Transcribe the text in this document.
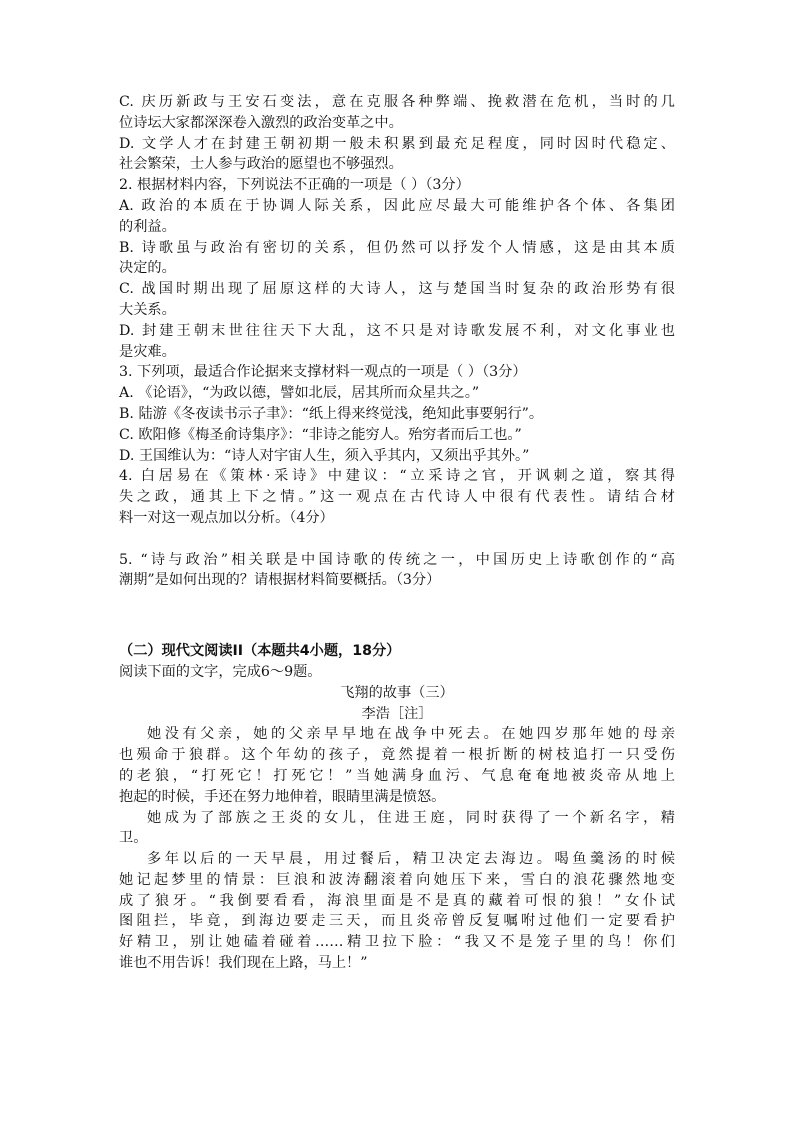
C. 庆历新政与王安石变法，意在克服各种弊端、挽救潜在危机，当时的几
位诗坛大家都深深卷入激烈的政治变革之中。
D. 文学人才在封建王朝初期一般未积累到最充足程度，同时因时代稳定、
社会繁荣，士人参与政治的愿望也不够强烈。
2. 根据材料内容，下列说法不正确的一项是（ ）（3分）
A. 政治的本质在于协调人际关系，因此应尽最大可能维护各个体、各集团
的利益。
B. 诗歌虽与政治有密切的关系，但仍然可以抒发个人情感，这是由其本质
决定的。
C. 战国时期出现了屈原这样的大诗人，这与楚国当时复杂的政治形势有很
大关系。
D. 封建王朝末世往往天下大乱，这不只是对诗歌发展不利，对文化事业也
是灾难。
3. 下列项，最适合作论据来支撑材料一观点的一项是（ ）（3分）
A. 《论语》，“为政以德，譬如北辰，居其所而众星共之。”
B. 陆游《冬夜读书示子聿》：“纸上得来终觉浅，绝知此事要躬行”。
C. 欧阳修《梅圣俞诗集序》：“非诗之能穷人。殆穷者而后工也。”
D. 王国维认为：“诗人对宇宙人生，须入乎其内，又须出乎其外。”
4. 白居易在《策林·采诗》中建议：“立采诗之官，开讽刺之道，察其得
失之政，通其上下之情。”这一观点在古代诗人中很有代表性。请结合材
料一对这一观点加以分析。（4分）
5. “诗与政治”相关联是中国诗歌的传统之一，中国历史上诗歌创作的“高
潮期”是如何出现的？请根据材料简要概括。（3分）
（二）现代文阅读II（本题共4小题，18分）
阅读下面的文字，完成6～9题。
飞翔的故事（三）
李浩［注］
她没有父亲，她的父亲早早地在战争中死去。在她四岁那年她的母亲
也殒命于狼群。这个年幼的孩子，竟然提着一根折断的树枝追打一只受伤
的老狼，“打死它！打死它！”当她满身血污、气息奄奄地被炎帝从地上
抱起的时候，手还在努力地伸着，眼睛里满是愤怒。
她成为了部族之王炎的女儿，住进王庭，同时获得了一个新名字，精
卫。
多年以后的一天早晨，用过餐后，精卫决定去海边。喝鱼羹汤的时候
她记起梦里的情景：巨浪和波涛翻滚着向她压下来，雪白的浪花骤然地变
成了狼牙。“我倒要看看，海浪里面是不是真的藏着可恨的狼！”女仆试
图阻拦，毕竟，到海边要走三天，而且炎帝曾反复嘱咐过他们一定要看护
好精卫，别让她磕着碰着……精卫拉下脸：“我又不是笼子里的鸟！你们
谁也不用告诉！我们现在上路，马上！”
